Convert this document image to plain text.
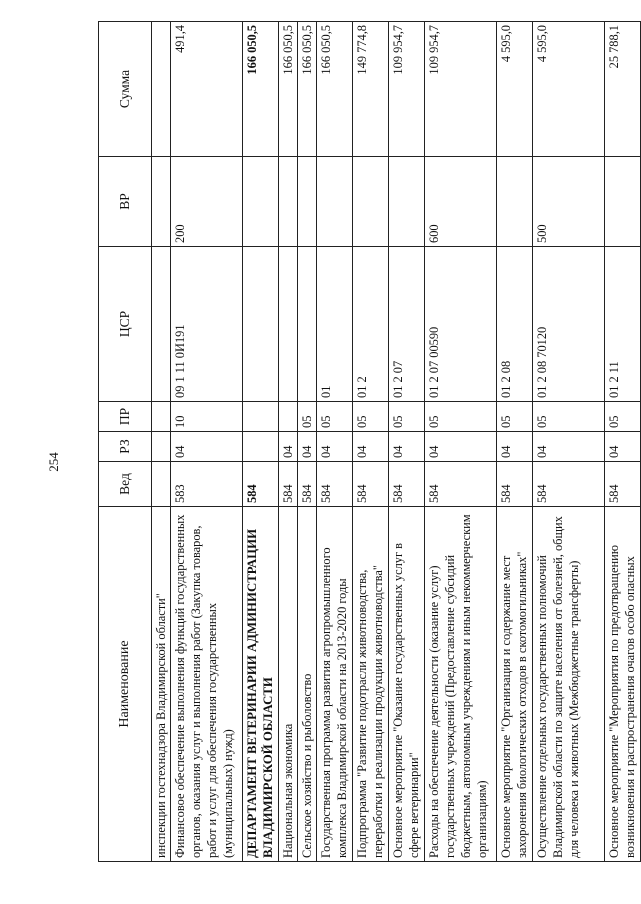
254
Наименование	Вед	РЗ	ПР	ЦСР	ВР	Сумма
инспекции гостехнадзора Владимирской области"						
Финансовое обеспечение выполнения функций государственных органов, оказания услуг и выполнения работ (Закупка товаров, работ и услуг для обеспечения государственных (муниципальных) нужд)	583	04	10	09 1 11 0И191	200	491,4
ДЕПАРТАМЕНТ ВЕТЕРИНАРИИ АДМИНИСТРАЦИИ ВЛАДИМИРСКОЙ ОБЛАСТИ	584					166 050,5
Национальная экономика	584	04				166 050,5
Сельское хозяйство и рыболовство	584	04	05			166 050,5
Государственная программа развития агропромышленного комплекса Владимирской области на 2013-2020 годы	584	04	05	01		166 050,5
Подпрограмма "Развитие подотрасли животноводства, переработки и реализации продукции животноводства"	584	04	05	01 2		149 774,8
Основное мероприятие "Оказание государственных услуг в сфере ветеринарии"	584	04	05	01 2 07		109 954,7
Расходы на обеспечение деятельности (оказание услуг) государственных учреждений (Предоставление субсидий бюджетным, автономным учреждениям и иным некоммерческим организациям)	584	04	05	01 2 07 00590	600	109 954,7
Основное мероприятие "Организация и содержание мест захоронения биологических отходов в скотомогильниках"	584	04	05	01 2 08		4 595,0
Осуществление отдельных государственных полномочий Владимирской области по защите населения от болезней, общих для человека и животных (Межбюджетные трансферты)	584	04	05	01 2 08 70120	500	4 595,0
Основное мероприятие "Мероприятия по предотвращению возникновения и распространения очагов особо опасных	584	04	05	01 2 11		25 788,1
